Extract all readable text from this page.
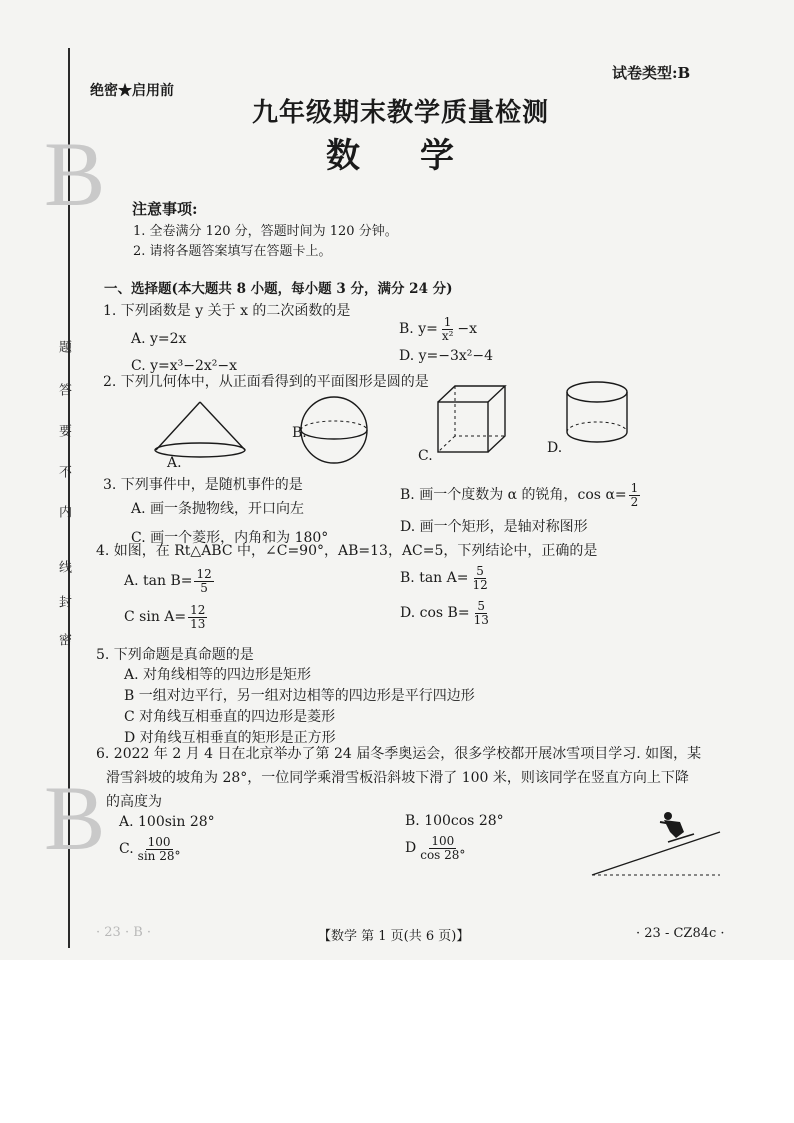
B
B
题
答
要
不
内
线
封
密
绝密★启用前
试卷类型:B
九年级期末教学质量检测
数学
注意事项:
1. 全卷满分 120 分，答题时间为 120 分钟。
2. 请将各题答案填写在答题卡上。
一、选择题(本大题共 8 小题，每小题 3 分，满分 24 分)
1. 下列函数是 y 关于 x 的二次函数的是
A. y=2x
B. $y= \frac{1}{\text{x²}} -x$
C. y=x³−2x²−x
D. y=−3x²−4
2. 下列几何体中，从正面看得到的平面图形是圆的是
A.
B.
C.	D.
3. 下列事件中，是随机事件的是
A. 画一条抛物线，开口向左
B. 画一个度数为 α 的锐角，$\cos \alpha= \frac{1}{2}$
C. 画一个菱形，内角和为 180°
D. 画一个矩形，是轴对称图形
4. 如图，在 Rt△ABC 中，∠C=90°，AB=13，AC=5，下列结论中，正确的是
A. $\tan B= \frac{12}{5}$	B. $\tan A= \frac{5}{12}$
C $\sin A= \frac{12}{13}$	D. $\cos B= \frac{5}{13}$
5. 下列命题是真命题的是
A. 对角线相等的四边形是矩形
B 一组对边平行，另一组对边相等的四边形是平行四边形
C 对角线互相垂直的四边形是菱形
D 对角线互相垂直的矩形是正方形
6. 2022 年 2 月 4 日在北京举办了第 24 届冬季奥运会，很多学校都开展冰雪项目学习. 如图，某
滑雪斜坡的坡角为 28°，一位同学乘滑雪板沿斜坡下滑了 100 米，则该同学在竖直方向上下降
的高度为
A. 100sin 28°	B. 100cos 28°
C. $\frac{100}{\sin 28^\circ}$	D $\frac{100}{\cos 28^\circ}$
· 23 · B ·	【数学 第 1 页(共 6 页)】	· 23 - CZ84c ·
